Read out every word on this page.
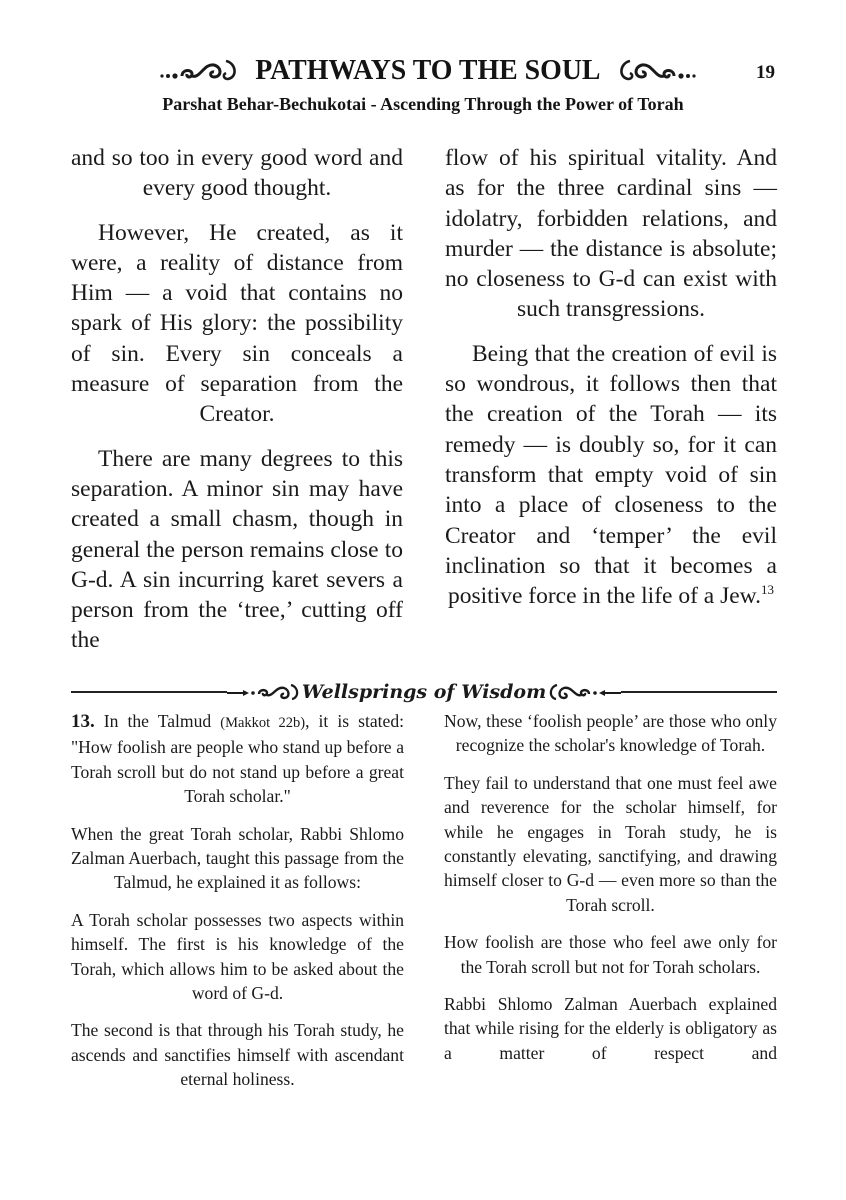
PATHWAYS TO THE SOUL	19
Parshat Behar-Bechukotai - Ascending Through the Power of Torah

and so too in every good word and every good thought.

However, He created, as it were, a reality of distance from Him — a void that contains no spark of His glory: the possibility of sin. Every sin conceals a measure of separation from the Creator.

There are many degrees to this separation. A minor sin may have created a small chasm, though in general the person remains close to G-d. A sin incurring karet severs a person from the ‘tree,’ cutting off the

flow of his spiritual vitality. And as for the three cardinal sins — idolatry, forbidden relations, and murder — the distance is absolute; no closeness to G-d can exist with such transgressions.

Being that the creation of evil is so wondrous, it follows then that the creation of the Torah — its remedy — is doubly so, for it can transform that empty void of sin into a place of closeness to the Creator and ‘temper’ the evil inclination so that it becomes a positive force in the life of a Jew.$^{13}$

Wellsprings of Wisdom

13. In the Talmud (Makkot 22b), it is stated: "How foolish are people who stand up before a Torah scroll but do not stand up before a great Torah scholar."

When the great Torah scholar, Rabbi Shlomo Zalman Auerbach, taught this passage from the Talmud, he explained it as follows:

A Torah scholar possesses two aspects within himself. The first is his knowledge of the Torah, which allows him to be asked about the word of G-d.

The second is that through his Torah study, he ascends and sanctifies himself with ascendant eternal holiness.

Now, these ‘foolish people’ are those who only recognize the scholar's knowledge of Torah.

They fail to understand that one must feel awe and reverence for the scholar himself, for while he engages in Torah study, he is constantly elevating, sanctifying, and drawing himself closer to G-d — even more so than the Torah scroll.

How foolish are those who feel awe only for the Torah scroll but not for Torah scholars.

Rabbi Shlomo Zalman Auerbach explained that while rising for the elderly is obligatory as a matter of respect and
